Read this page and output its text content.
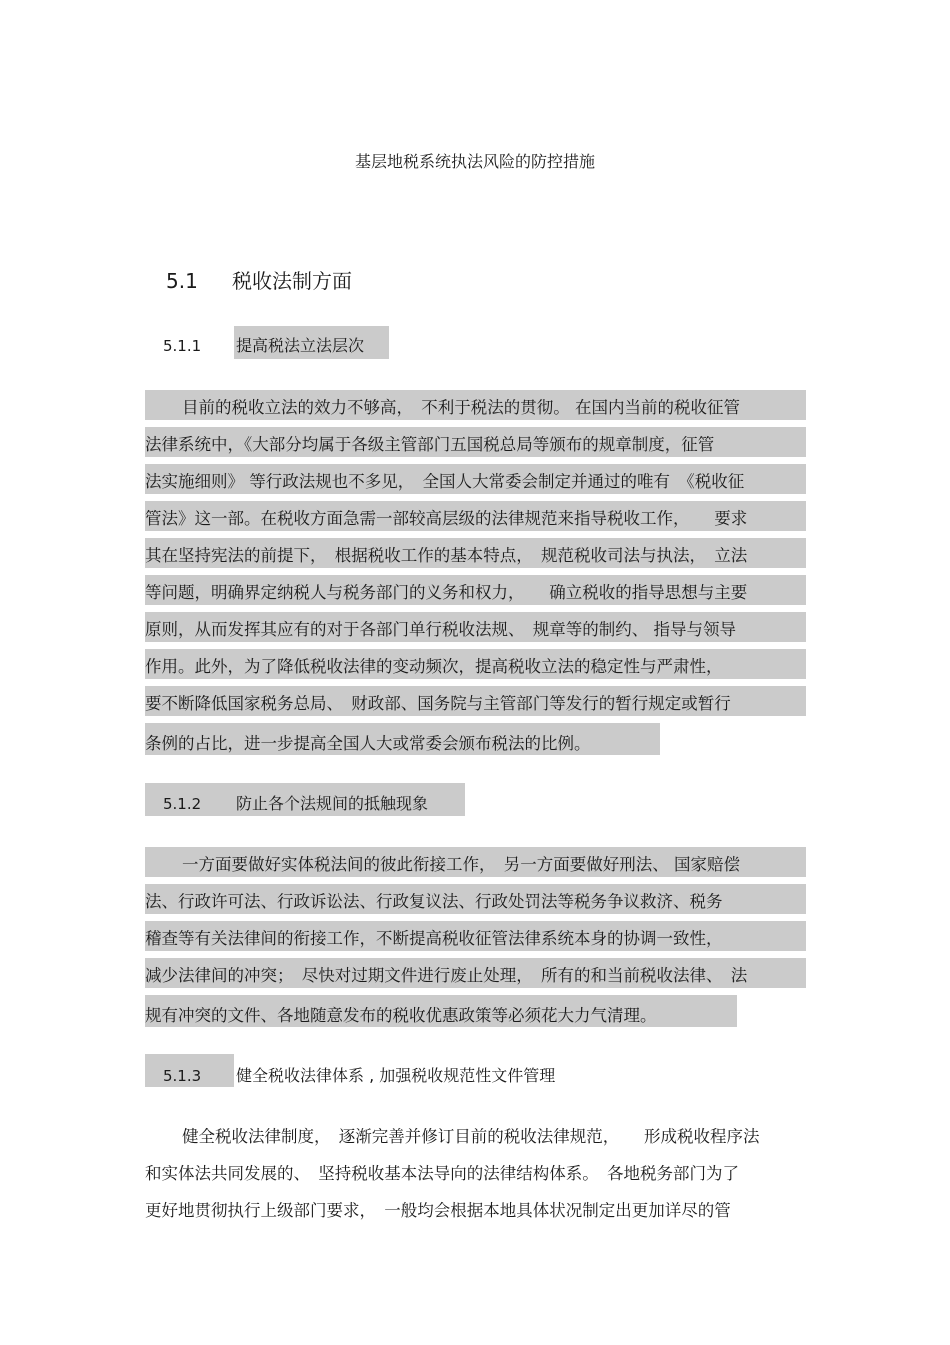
基层地税系统执法风险的防控措施
5.1 税收法制方面
5.1.1 提高税法立法层次
目前的税收立法的效力不够高，　不利于税法的贯彻。 在国内当前的税收征管
法律系统中，《大部分均属于各级主管部门五国税总局等颁布的规章制度，征管
法实施细则》 等行政法规也不多见，　全国人大常委会制定并通过的唯有　《税收征
管法》这一部。在税收方面急需一部较高层级的法律规范来指导税收工作，　　要求
其在坚持宪法的前提下，　根据税收工作的基本特点，　规范税收司法与执法，　立法
等问题，明确界定纳税人与税务部门的义务和权力，　　确立税收的指导思想与主要
原则，从而发挥其应有的对于各部门单行税收法规、　规章等的制约、 指导与领导
作用。此外，为了降低税收法律的变动频次，提高税收立法的稳定性与严肃性，
要不断降低国家税务总局、　财政部、国务院与主管部门等发行的暂行规定或暂行
条例的占比，进一步提高全国人大或常委会颁布税法的比例。
5.1.2 防止各个法规间的抵触现象
一方面要做好实体税法间的彼此衔接工作，　另一方面要做好刑法、 国家赔偿
法、行政许可法、行政诉讼法、行政复议法、行政处罚法等税务争议救济、税务
稽查等有关法律间的衔接工作，不断提高税收征管法律系统本身的协调一致性，
减少法律间的冲突；　尽快对过期文件进行废止处理，　所有的和当前税收法律、　法
规有冲突的文件、各地随意发布的税收优惠政策等必须花大力气清理。
5.1.3 健全税收法律体系 , 加强税收规范性文件管理
健全税收法律制度，　逐渐完善并修订目前的税收法律规范，　　形成税收程序法
和实体法共同发展的、　坚持税收基本法导向的法律结构体系。　各地税务部门为了
更好地贯彻执行上级部门要求，　一般均会根据本地具体状况制定出更加详尽的管
